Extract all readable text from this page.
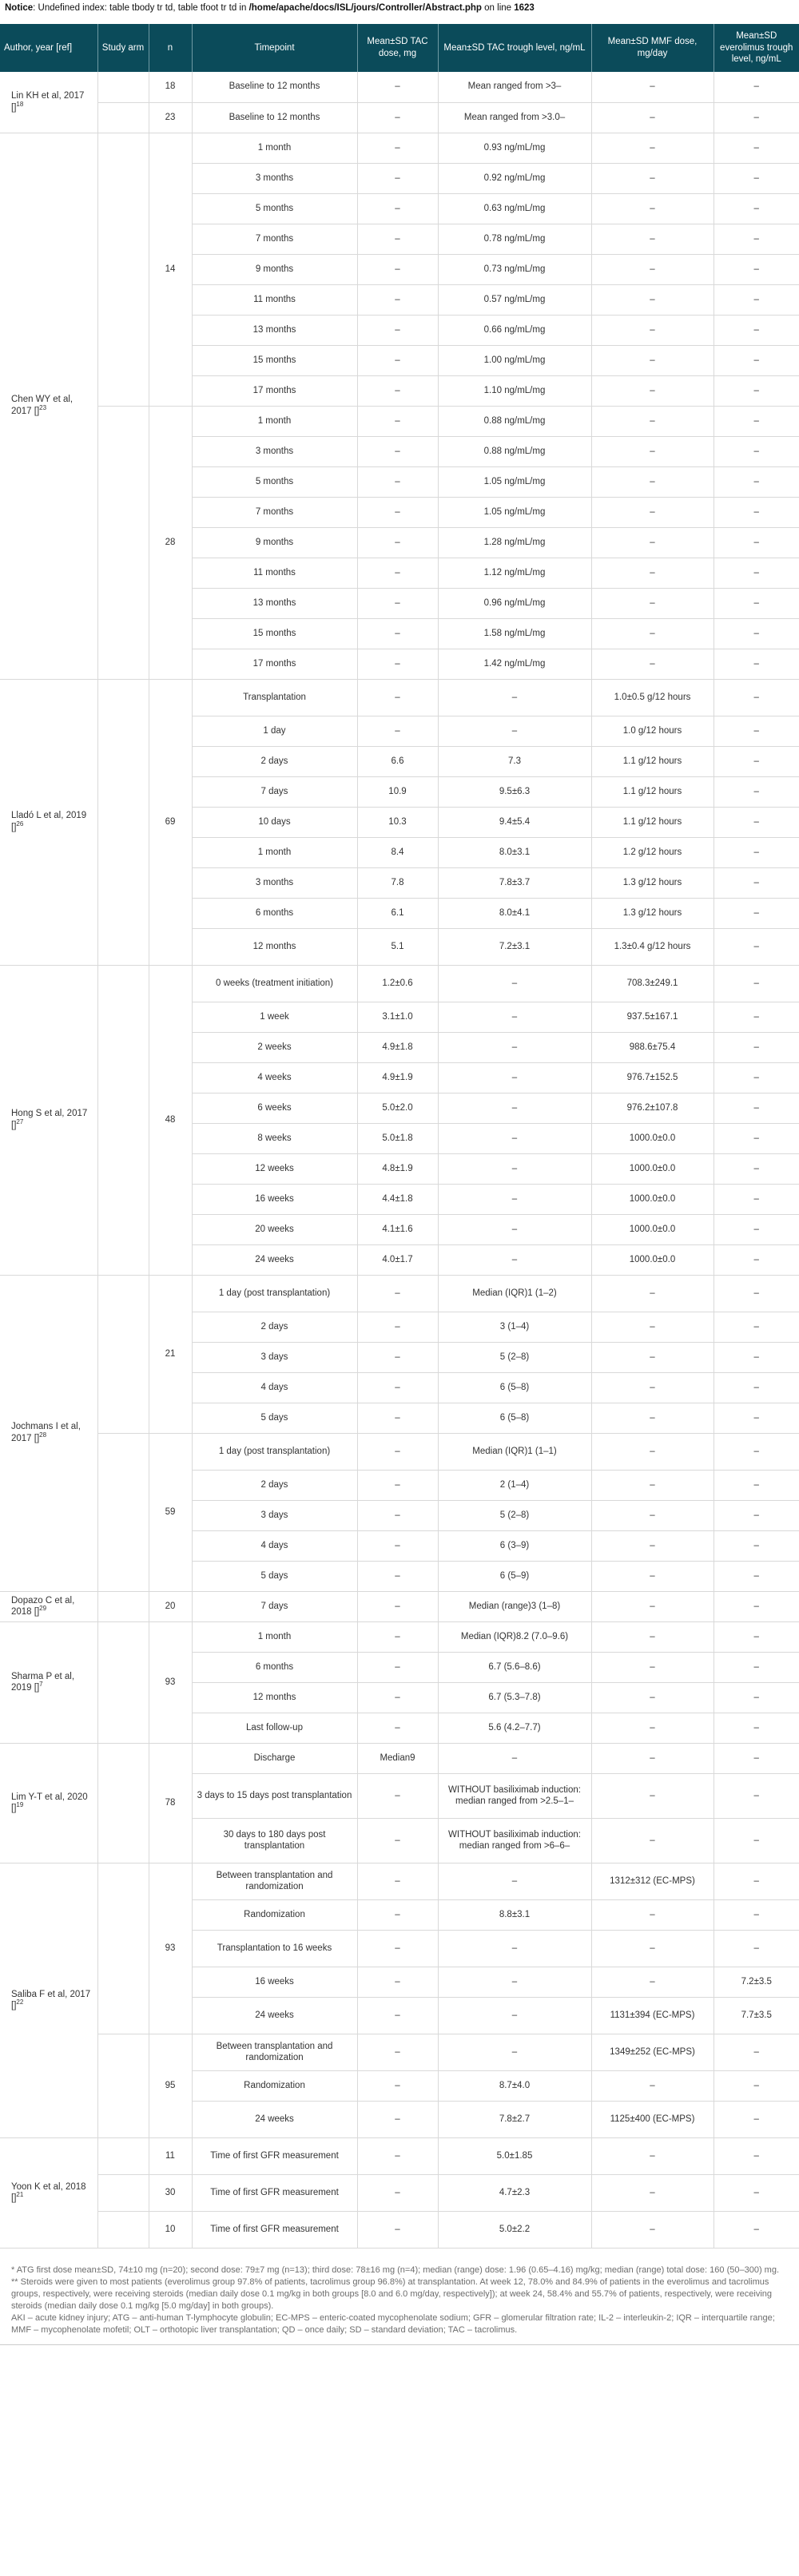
Notice: Undefined index: table tbody tr td, table tfoot tr td in /home/apache/docs/ISL/jours/Controller/Abstract.php on line 1623
Author, year [ref]	Study arm	n	Timepoint	Mean±SD TAC dose, mg	Mean±SD TAC trough level, ng/mL	Mean±SD MMF dose, mg/day	Mean±SD everolimus trough level, ng/mL
Lin KH et al, 2017 []$^{18}$		18	Baseline to 12 months	–	Mean ranged from >3–	–	–
		23	Baseline to 12 months	–	Mean ranged from >3.0–	–	–
Chen WY et al, 2017 []$^{23}$		14	1 month	–	0.93 ng/mL/mg	–	–
			3 months	–	0.92 ng/mL/mg	–	–
			5 months	–	0.63 ng/mL/mg	–	–
			7 months	–	0.78 ng/mL/mg	–	–
			9 months	–	0.73 ng/mL/mg	–	–
			11 months	–	0.57 ng/mL/mg	–	–
			13 months	–	0.66 ng/mL/mg	–	–
			15 months	–	1.00 ng/mL/mg	–	–
			17 months	–	1.10 ng/mL/mg	–	–
		28	1 month	–	0.88 ng/mL/mg	–	–
			3 months	–	0.88 ng/mL/mg	–	–
			5 months	–	1.05 ng/mL/mg	–	–
			7 months	–	1.05 ng/mL/mg	–	–
			9 months	–	1.28 ng/mL/mg	–	–
			11 months	–	1.12 ng/mL/mg	–	–
			13 months	–	0.96 ng/mL/mg	–	–
			15 months	–	1.58 ng/mL/mg	–	–
			17 months	–	1.42 ng/mL/mg	–	–
Lladó L et al, 2019 []$^{26}$		69	Transplantation	–	–	1.0±0.5 g/12 hours	–
			1 day	–	–	1.0 g/12 hours	–
			2 days	6.6	7.3	1.1 g/12 hours	–
			7 days	10.9	9.5±6.3	1.1 g/12 hours	–
			10 days	10.3	9.4±5.4	1.1 g/12 hours	–
			1 month	8.4	8.0±3.1	1.2 g/12 hours	–
			3 months	7.8	7.8±3.7	1.3 g/12 hours	–
			6 months	6.1	8.0±4.1	1.3 g/12 hours	–
			12 months	5.1	7.2±3.1	1.3±0.4 g/12 hours	–
Hong S et al, 2017 []$^{27}$		48	0 weeks (treatment initiation)	1.2±0.6	–	708.3±249.1	–
			1 week	3.1±1.0	–	937.5±167.1	–
			2 weeks	4.9±1.8	–	988.6±75.4	–
			4 weeks	4.9±1.9	–	976.7±152.5	–
			6 weeks	5.0±2.0	–	976.2±107.8	–
			8 weeks	5.0±1.8	–	1000.0±0.0	–
			12 weeks	4.8±1.9	–	1000.0±0.0	–
			16 weeks	4.4±1.8	–	1000.0±0.0	–
			20 weeks	4.1±1.6	–	1000.0±0.0	–
			24 weeks	4.0±1.7	–	1000.0±0.0	–
Jochmans I et al, 2017 []$^{28}$		21	1 day (post transplantation)	–	Median (IQR)1 (1–2)	–	–
			2 days	–	3 (1–4)	–	–
			3 days	–	5 (2–8)	–	–
			4 days	–	6 (5–8)	–	–
			5 days	–	6 (5–8)	–	–
		59	1 day (post transplantation)	–	Median (IQR)1 (1–1)	–	–
			2 days	–	2 (1–4)	–	–
			3 days	–	5 (2–8)	–	–
			4 days	–	6 (3–9)	–	–
			5 days	–	6 (5–9)	–	–
Dopazo C et al, 2018 []$^{29}$		20	7 days	–	Median (range)3 (1–8)	–	–
Sharma P et al, 2019 []$^7$		93	1 month	–	Median (IQR)8.2 (7.0–9.6)	–	–
			6 months	–	6.7 (5.6–8.6)	–	–
			12 months	–	6.7 (5.3–7.8)	–	–
			Last follow-up	–	5.6 (4.2–7.7)	–	–
Lim Y-T et al, 2020 []$^{19}$		78	Discharge	Median9	–	–	–
			3 days to 15 days post transplantation	–	WITHOUT basiliximab induction: median ranged from >2.5–1–	–	–
			30 days to 180 days post transplantation	–	WITHOUT basiliximab induction: median ranged from >6–6–	–	–
Saliba F et al, 2017 []$^{22}$		93	Between transplantation and randomization	–	–	1312±312 (EC-MPS)	–
			Randomization	–	8.8±3.1	–	–
			Transplantation to 16 weeks	–	–	–	–
			16 weeks	–	–	–	7.2±3.5
			24 weeks	–	–	1131±394 (EC-MPS)	7.7±3.5
		95	Between transplantation and randomization	–	–	1349±252 (EC-MPS)	–
			Randomization	–	8.7±4.0	–	–
			24 weeks	–	7.8±2.7	1125±400 (EC-MPS)	–
Yoon K et al, 2018 []$^{21}$		11	Time of first GFR measurement	–	5.0±1.85	–	–
		30	Time of first GFR measurement	–	4.7±2.3	–	–
		10	Time of first GFR measurement	–	5.0±2.2	–	–

* ATG first dose mean±SD, 74±10 mg (n=20); second dose: 79±7 mg (n=13); third dose: 78±16 mg (n=4); median (range) dose: 1.96 (0.65–4.16) mg/kg; median (range) total dose: 160 (50–300) mg.

** Steroids were given to most patients (everolimus group 97.8% of patients, tacrolimus group 96.8%) at transplantation. At week 12, 78.0% and 84.9% of patients in the everolimus and tacrolimus groups, respectively, were receiving steroids (median daily dose 0.1 mg/kg in both groups [8.0 and 6.0 mg/day, respectively]); at week 24, 58.4% and 55.7% of patients, respectively, were receiving steroids (median daily dose 0.1 mg/kg [5.0 mg/day] in both groups).

AKI – acute kidney injury; ATG – anti-human T-lymphocyte globulin; EC-MPS – enteric-coated mycophenolate sodium; GFR – glomerular filtration rate; IL-2 – interleukin-2; IQR – interquartile range; MMF – mycophenolate mofetil; OLT – orthotopic liver transplantation; QD – once daily; SD – standard deviation; TAC – tacrolimus.
